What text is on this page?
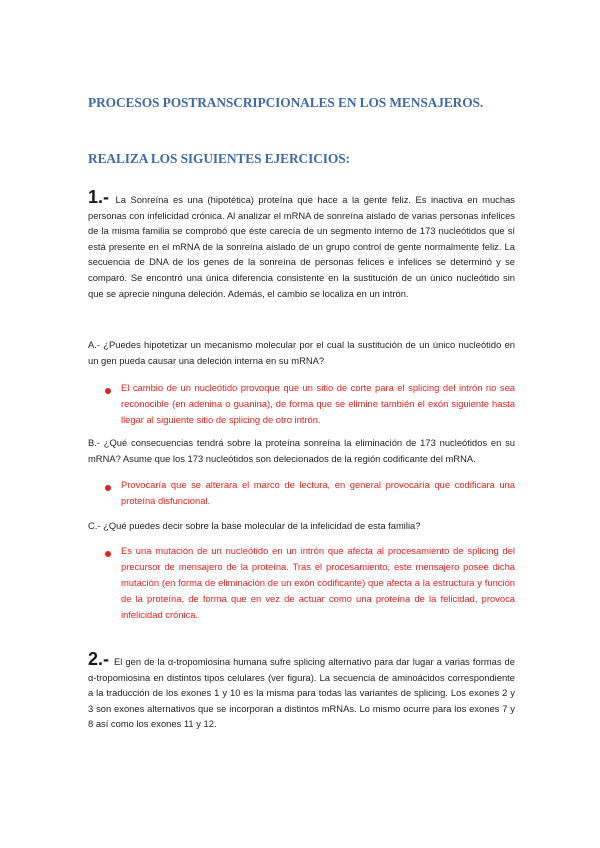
PROCESOS POSTRANSCRIPCIONALES EN LOS MENSAJEROS.
REALIZA LOS SIGUIENTES EJERCICIOS:
1.- La Sonreína es una (hipotética) proteína que hace a la gente feliz. Es inactiva en muchas personas con infelicidad crónica. Al analizar el mRNA de sonreína aislado de varias personas infelices de la misma familia se comprobó que éste carecía de un segmento interno de 173 nucleótidos que sí está presente en el mRNA de la sonreína aislado de un grupo control de gente normalmente feliz. La secuencia de DNA de los genes de la sonreína de personas felices e infelices se determinó y se comparó. Se encontró una única diferencia consistente en la sustitución de un único nucleótido sin que se aprecie ninguna deleción. Además, el cambio se localiza en un intrón.
A.- ¿Puedes hipotetizar un mecanismo molecular por el cual la sustitución de un único nucleótido en un gen pueda causar una deleción interna en su mRNA?
El cambio de un nucleótido provoque que un sitio de corte para el splicing del intrón no sea reconocible (en adenina o guanina), de forma que se elimine también el exón siguiente hasta llegar al siguiente sitio de splicing de otro intrón.
B.- ¿Qué consecuencias tendrá sobre la proteína sonreína la eliminación de 173 nucleótidos en su mRNA? Asume que los 173 nucleótidos son delecionados de la región codificante del mRNA.
Provocaría que se alterara el marco de lectura, en general provocaría que codificara una proteína disfuncional.
C.- ¿Qué puedes decir sobre la base molecular de la infelicidad de esta familia?
Es una mutación de un nucleótido en un intrón que afecta al procesamiento de splicing del precursor de mensajero de la proteína. Tras el procesamiento, este mensajero posee dicha mutación (en forma de eliminación de un exón codificante) que afecta a la estructura y función de la proteína, de forma que en vez de actuar como una proteína de la felicidad, provoca infelicidad crónica.
2.- El gen de la α-tropomiosina humana sufre splicing alternativo para dar lugar a varias formas de α-tropomiosina en distintos tipos celulares (ver figura). La secuencia de aminoácidos correspondiente a la traducción de los exones 1 y 10 es la misma para todas las variantes de splicing. Los exones 2 y 3 son exones alternativos que se incorporan a distintos mRNAs. Lo mismo ocurre para los exones 7 y 8 así como los exones 11 y 12.
